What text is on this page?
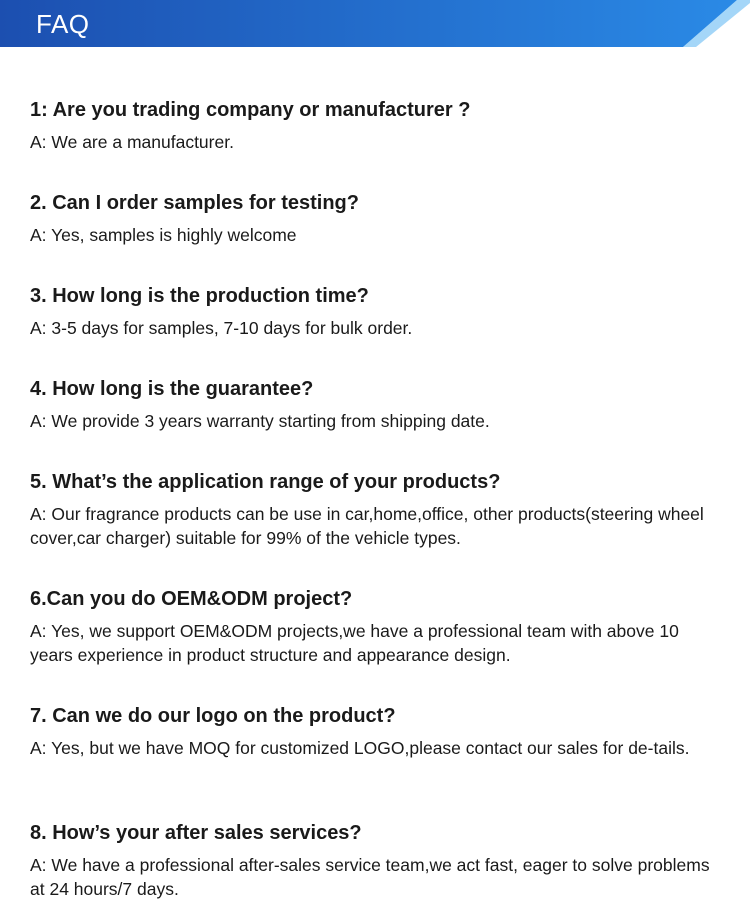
FAQ

1: Are you trading company or manufacturer ?

A: We are a manufacturer.

2. Can I order samples for testing?

A: Yes, samples is highly welcome

3. How long is the production time?

A: 3-5 days for samples, 7-10 days for bulk order.

4. How long is the guarantee?

A: We provide 3 years warranty starting from shipping date.

5. What’s the application range of your products?

A: Our fragrance products can be use in car,home,office, other products(steering wheel cover,car charger) suitable for 99% of the vehicle types.

6.Can you do OEM&ODM project?

A: Yes, we support OEM&ODM projects,we have a professional team with above 10 years experience in product structure and appearance design.

7. Can we do our logo on the product?

A: Yes, but we have MOQ for customized LOGO,please contact our sales for de-tails.

8. How’s your after sales services?

A: We have a professional after-sales service team,we act fast, eager to solve problems at 24 hours/7 days.
